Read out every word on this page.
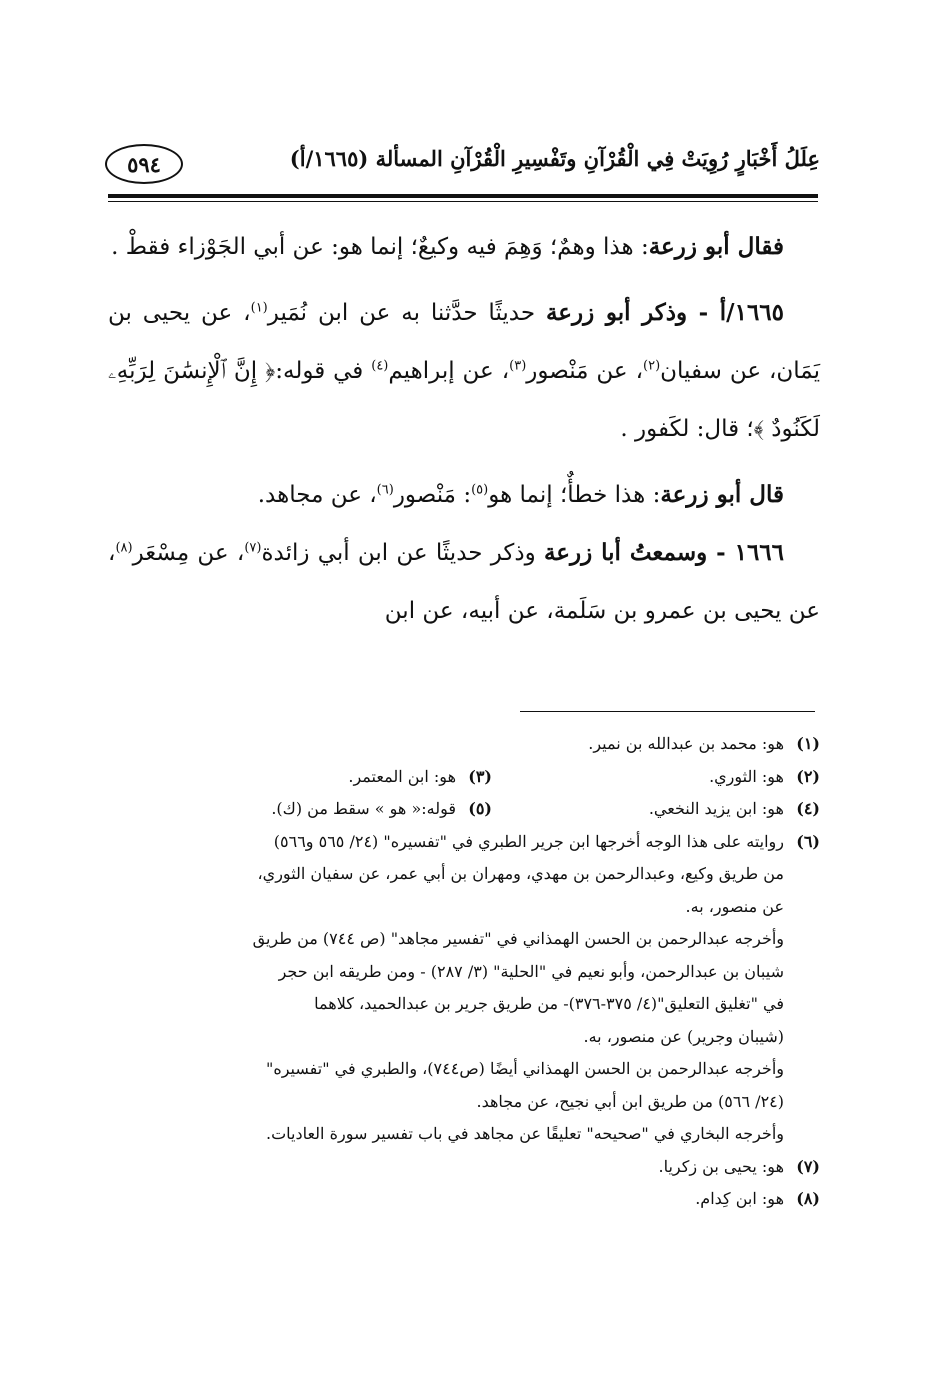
عِلَلُ أَخْبَارٍ رُوِيَتْ فِي الْقُرْآنِ وتَفْسِيرِ الْقُرْآنِ المسألة (١٦٦٥/أ)
٥٩٤

فقال أبو زرعة: هذا وهمٌ؛ وَهِمَ فيه وكيعٌ؛ إنما هو: عن أبي الجَوْزاء فقطْ .

١٦٦٥/أ - وذكر أبو زرعة حديثًا حدَّثنا به عن ابن نُمَير$^{(١)}$، عن يحيى بن يَمَان، عن سفيان$^{(٢)}$، عن مَنْصور$^{(٣)}$، عن إبراهيم$^{(٤)}$ في قوله:﴿ إِنَّ ٱلْإِنسَٰنَ لِرَبِّهِۦ لَكَنُودٌ ﴾؛ قال: لكَفور .

قال أبو زرعة: هذا خطأٌ؛ إنما هو$^{(٥)}$: مَنْصور$^{(٦)}$، عن مجاهد.

١٦٦٦ - وسمعتُ أبا زرعة وذكر حديثًا عن ابن أبي زائدة$^{(٧)}$، عن مِسْعَر$^{(٨)}$، عن يحيى بن عمرو بن سَلَمة، عن أبيه، عن ابن

(١)
هو: محمد بن عبدالله بن نمير.
(٢)
هو: الثوري.
(٣)
هو: ابن المعتمر.
(٤)
هو: ابن يزيد النخعي.
(٥)
قوله:« هو » سقط من (ك).
(٦)
روايته على هذا الوجه أخرجها ابن جرير الطبري في "تفسيره" (٢٤/ ٥٦٥ و٥٦٦)
من طريق وكيع، وعبدالرحمن بن مهدي، ومهران بن أبي عمر، عن سفيان الثوري،
عن منصور، به.
وأخرجه عبدالرحمن بن الحسن الهمذاني في "تفسير مجاهد" (ص ٧٤٤) من طريق
شيبان بن عبدالرحمن، وأبو نعيم في "الحلية" (٣/ ٢٨٧) - ومن طريقه ابن حجر
في "تغليق التعليق"(٤/ ٣٧٥-٣٧٦)- من طريق جرير بن عبدالحميد، كلاهما
(شيبان وجرير) عن منصور، به.
وأخرجه عبدالرحمن بن الحسن الهمذاني أيضًا (ص٧٤٤)، والطبري في "تفسيره"
(٢٤/ ٥٦٦) من طريق ابن أبي نجيح، عن مجاهد.
وأخرجه البخاري في "صحيحه" تعليقًا عن مجاهد في باب تفسير سورة العاديات.
(٧)
هو: يحيى بن زكريا.
(٨)
هو: ابن كِدام.
